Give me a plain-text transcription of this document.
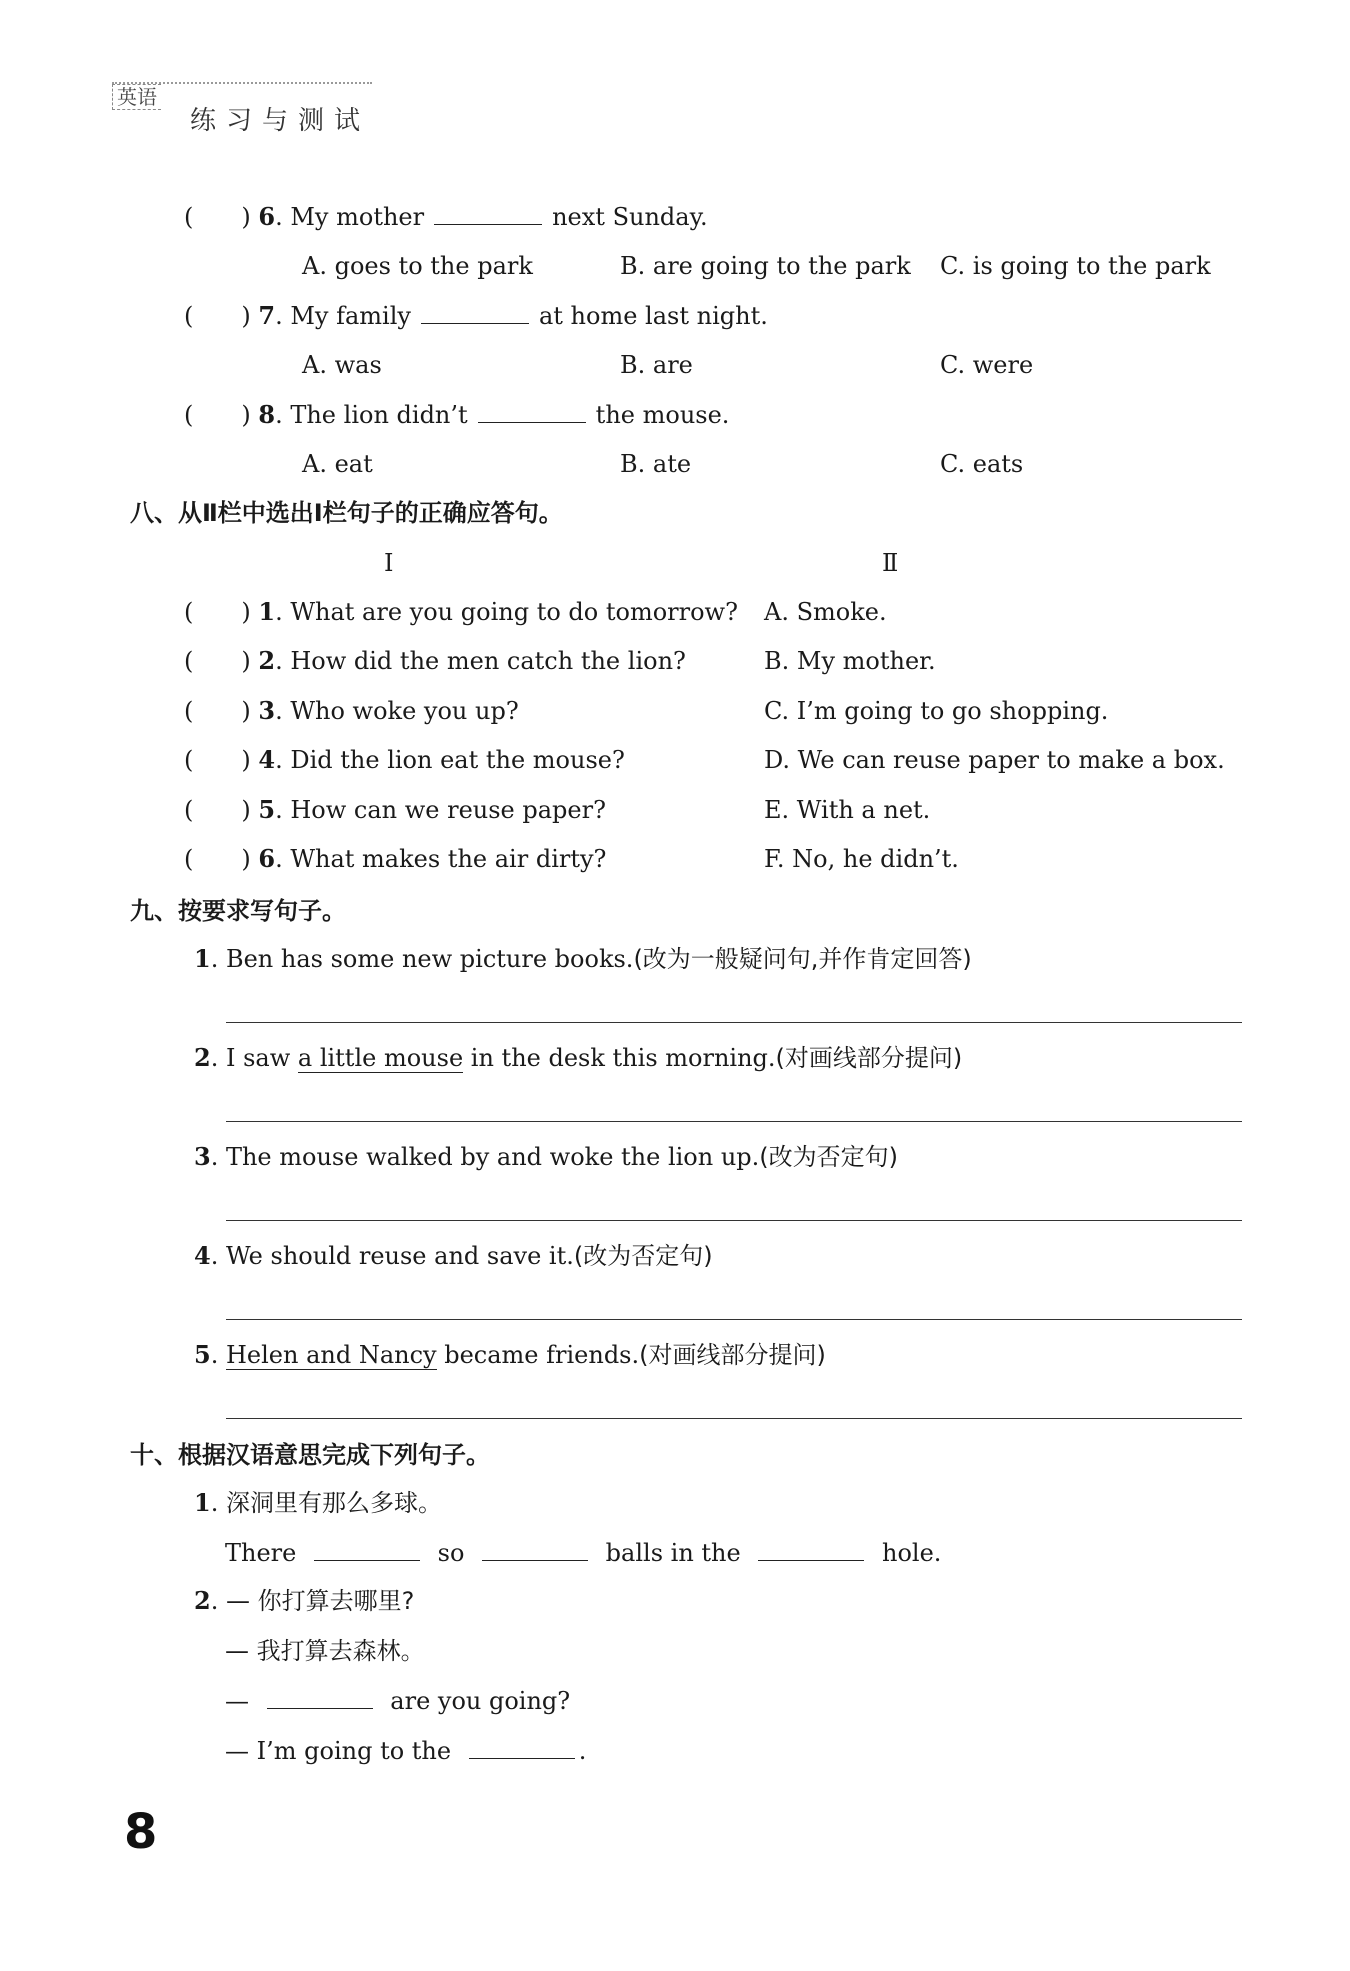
英语
练习与测试
(  ) 6. My mother	next Sunday.
A. goes to the park	B. are going to the park C. is going to the park
(  ) 7. My family	at home last night.
A. was	B. are	C. were
(  ) 8. The lion didn’t	the mouse.
A. eat	B. ate	C. eats
八、从Ⅱ栏中选出Ⅰ栏句子的正确应答句。
Ⅰ	Ⅱ
(  ) 1. What are you going to do tomorrow? A. Smoke.
(  ) 2. How did the men catch the lion?	B. My mother.
(  ) 3. Who woke you up?	C. I’m going to go shopping.
(  ) 4. Did the lion eat the mouse?	D. We can reuse paper to make a box.
(  ) 5. How can we reuse paper?	E. With a net.
(  ) 6. What makes the air dirty?	F. No, he didn’t.
九、按要求写句子。
1. Ben has some new picture books.(改为一般疑问句,并作肯定回答)
2. I saw a little mouse in the desk this morning.(对画线部分提问)
3. The mouse walked by and woke the lion up.(改为否定句)
4. We should reuse and save it.(改为否定句)
5. Helen and Nancy became friends.(对画线部分提问)
十、根据汉语意思完成下列句子。
1. 深洞里有那么多球。
There	so	balls in the	hole.
2. — 你打算去哪里?
— 我打算去森林。
—	are you going?
— I’m going to the	.
8
